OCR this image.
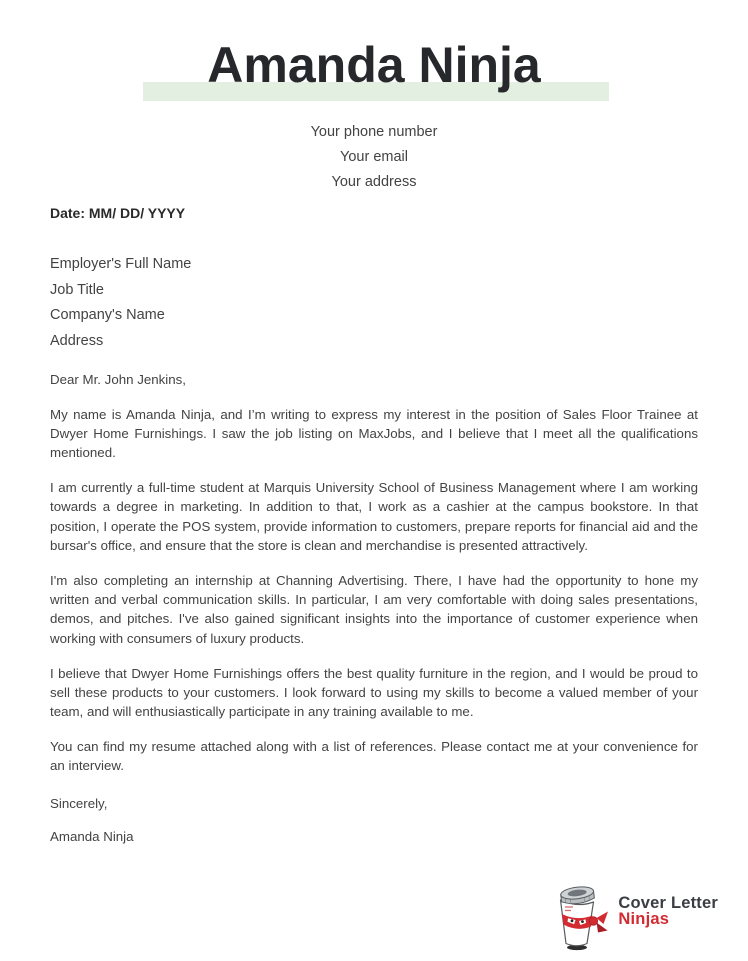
Amanda Ninja
Your phone number
Your email
Your address
Date: MM/ DD/ YYYY
Employer's Full Name
Job Title
Company's Name
Address
Dear Mr. John Jenkins,

My name is Amanda Ninja, and I’m writing to express my interest in the position of Sales Floor Trainee at Dwyer Home Furnishings. I saw the job listing on MaxJobs, and I believe that I meet all the qualifications mentioned.

I am currently a full-time student at Marquis University School of Business Management where I am working towards a degree in marketing. In addition to that, I work as a cashier at the campus bookstore. In that position, I operate the POS system, provide information to customers, prepare reports for financial aid and the bursar's office, and ensure that the store is clean and merchandise is presented attractively.

I'm also completing an internship at Channing Advertising. There, I have had the opportunity to hone my written and verbal communication skills. In particular, I am very comfortable with doing sales presentations, demos, and pitches. I've also gained significant insights into the importance of customer experience when working with consumers of luxury products.

I believe that Dwyer Home Furnishings offers the best quality furniture in the region, and I would be proud to sell these products to your customers. I look forward to using my skills to become a valued member of your team, and will enthusiastically participate in any training available to me.

You can find my resume attached along with a list of references. Please contact me at your convenience for an interview.

Sincerely,
Amanda Ninja
Cover Letter
Ninjas
